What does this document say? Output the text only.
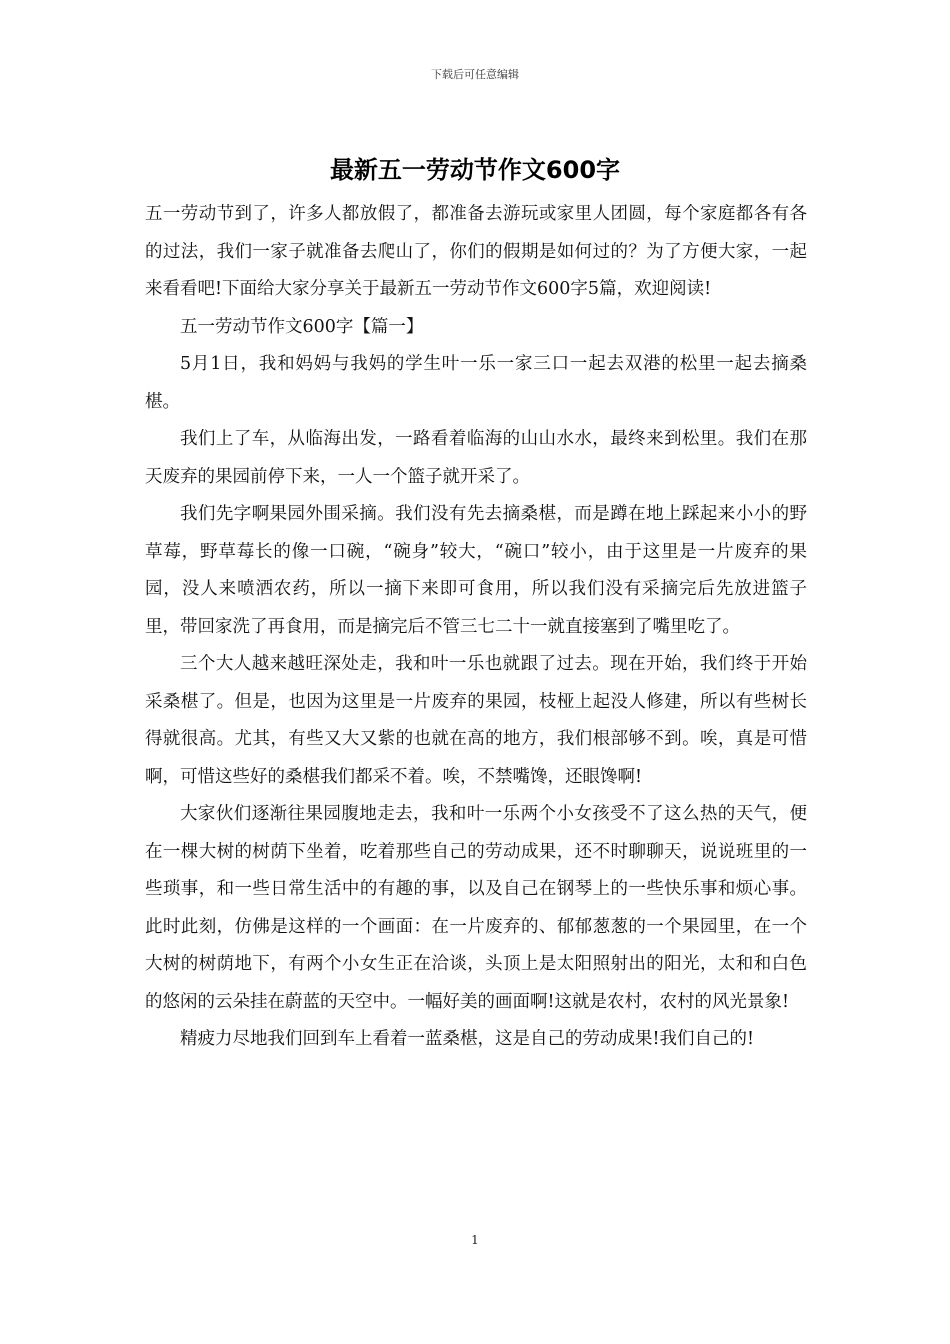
下载后可任意编辑
最新五一劳动节作文600字

五一劳动节到了，许多人都放假了，都准备去游玩或家里人团圆，每个家庭都各有各的过法，我们一家子就准备去爬山了，你们的假期是如何过的？为了方便大家，一起来看看吧!下面给大家分享关于最新五一劳动节作文600字5篇，欢迎阅读!

五一劳动节作文600字【篇一】

5月1日，我和妈妈与我妈的学生叶一乐一家三口一起去双港的松里一起去摘桑椹。

我们上了车，从临海出发，一路看着临海的山山水水，最终来到松里。我们在那天废弃的果园前停下来，一人一个篮子就开采了。

我们先字啊果园外围采摘。我们没有先去摘桑椹，而是蹲在地上踩起来小小的野草莓，野草莓长的像一口碗，“碗身”较大，“碗口”较小，由于这里是一片废弃的果园，没人来喷洒农药，所以一摘下来即可食用，所以我们没有采摘完后先放进篮子里，带回家洗了再食用，而是摘完后不管三七二十一就直接塞到了嘴里吃了。

三个大人越来越旺深处走，我和叶一乐也就跟了过去。现在开始，我们终于开始采桑椹了。但是，也因为这里是一片废弃的果园，枝桠上起没人修建，所以有些树长得就很高。尤其，有些又大又紫的也就在高的地方，我们根部够不到。唉，真是可惜啊，可惜这些好的桑椹我们都采不着。唉，不禁嘴馋，还眼馋啊!

大家伙们逐渐往果园腹地走去，我和叶一乐两个小女孩受不了这么热的天气，便在一棵大树的树荫下坐着，吃着那些自己的劳动成果，还不时聊聊天，说说班里的一些琐事，和一些日常生活中的有趣的事，以及自己在钢琴上的一些快乐事和烦心事。此时此刻，仿佛是这样的一个画面：在一片废弃的、郁郁葱葱的一个果园里，在一个大树的树荫地下，有两个小女生正在洽谈，头顶上是太阳照射出的阳光，太和和白色的悠闲的云朵挂在蔚蓝的天空中。一幅好美的画面啊!这就是农村，农村的风光景象!

精疲力尽地我们回到车上看着一蓝桑椹，这是自己的劳动成果!我们自己的!

1
